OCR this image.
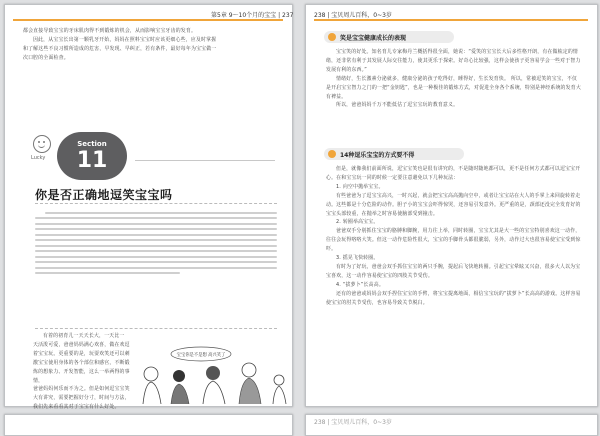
第5章 9～10个月的宝宝 | 237

都会直接导致宝宝的牙床肌肉得不到锻炼的机会，从而影响宝宝牙齿的发育。

因此，从宝宝长出第一颗乳牙开始，妈妈在照料宝宝时应该更细心些，应及时掌握

和了解这些不良习惯所造成的危害，早发现、早纠正，若有条件，最好每年为宝宝做一

次口腔的全面检查。

Lucky
Section
11
你是否正确地逗笑宝宝吗

有着的初育儿一天天长大，一天比一

天活泼可爱，爸爸妈妈满心欢喜，做在欢逗

着宝宝玩。更重要的是，玩耍欢笑还可以刺

激宝宝使用身体的各个部位和感官，不断锻

炼的想象力、开发智能，这么一举两得的事情，

爸爸妈妈何乐而不为之。但是如何逗宝宝笑

大有讲究，需要把握好分寸，时间与方法，

我们先来看看其对于宝宝有什么好处。

宝宝你是不是想 高兴笑了
238 | 宝贝周儿百科，0~3岁
笑是宝宝健康成长的表现

宝宝笑的好处。知名育儿专家梅丹兰概括得很全面，她说：“爱笑的宝宝长大后多性格开朗，有在做梳定的情绪，还非常有利于其发展人际交往能力，使其更乐于探索。好奇心比较强，这样会使孩子更容易学会一些对于智力发展有利的东西。”

情绪好，生长激素分泌就多，健康分泌的孩子吃得好，睡得好，生长发育快。 所以，常被逗笑的宝宝，不仅是开启宝宝智力之门的一把“金钥匙”，也是一种极佳的锻炼方式，对促进全身各个系统，特别是神经系统的发育大有裨益。

所以，爸爸妈妈千万不能低估了逗宝宝玩的教育意义。

14种逗乐宝宝的方式要不得

但是，就像我们前面所说，逗宝宝笑也是很有讲究的，不是随时随地都可以，更不是任何方式都可以逗宝宝开心。在和宝宝玩一同的时候一定要注意避免以下几种玩法：

1. 向空中抛举宝宝。

有些爸爸为了逗宝宝高兴，一时兴起，就会把宝宝高高抛向空中，或者让宝宝站在大人的手掌上来回旋转着走动。这些都是十分危险的动作。胆子小的宝宝会吓得惊哭，还容易引发意外。更严重的是，颈部还没完全发育好的宝宝头部较重，在抛举之时容易使脑部受到撞击。

2. 转圈举高宝宝。

爸爸双手分别抓住宝宝的胳膊和脚腕，用力往上举，同时转圈，宝宝尤其是大一些的宝宝特别喜欢这一动作，往往会玩得咯咯大笑。但这一动作危险性很大，宝宝的手脚骨头都很脆弱，另外，动作过大也很容易使宝宝受到惊吓。

3. 摇晃飞快转圈。

有时为了好玩，爸爸会双手抓住宝宝的两只手腕，提起后飞快地转圈。引起宝宝晕眩又兴奋，很多大人以为宝宝喜欢，这一动作容易使宝宝的四肢关节受伤。

4. “拔萝卜”长高高。

还有的爸爸或妈妈会双手捏住宝宝的手臂，将宝宝提离地面，相信宝宝玩的“拔萝卜”长高高的游戏。这样容易使宝宝的肘关节受伤，也容易导致关节脱臼。

238 | 宝贝周儿百科，0~3岁
